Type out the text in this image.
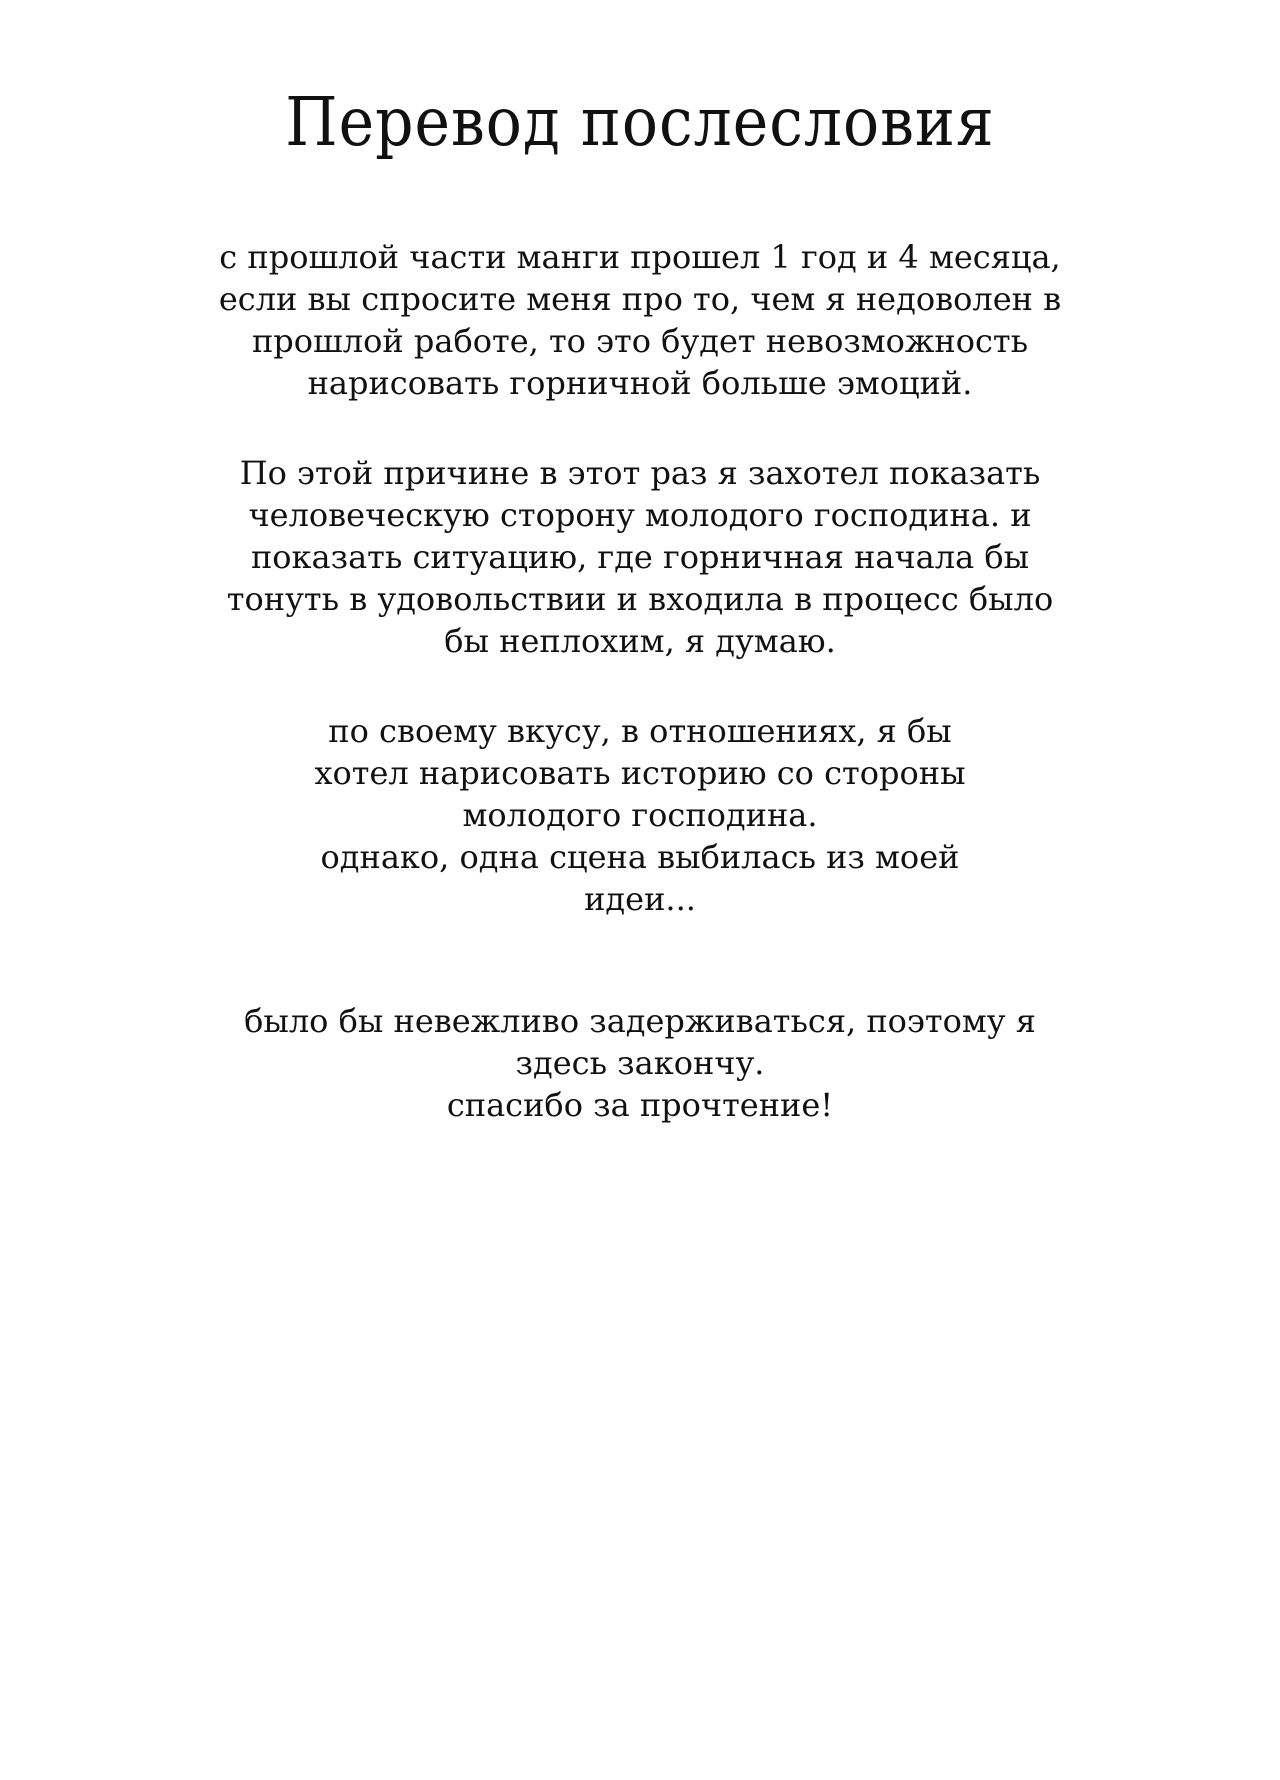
Перевод послесловия
с прошлой части манги прошел 1 год и 4 месяца,
если вы спросите меня про то, чем я недоволен в
прошлой работе, то это будет невозможность
нарисовать горничной больше эмоций.
По этой причине в этот раз я захотел показать
человеческую сторону молодого господина. и
показать ситуацию, где горничная начала бы
тонуть в удовольствии и входила в процесс было
бы неплохим, я думаю.
по своему вкусу, в отношениях, я бы
хотел нарисовать историю со стороны
молодого господина.
однако, одна сцена выбилась из моей
идеи...
было бы невежливо задерживаться, поэтому я
здесь закончу.
спасибо за прочтение!
